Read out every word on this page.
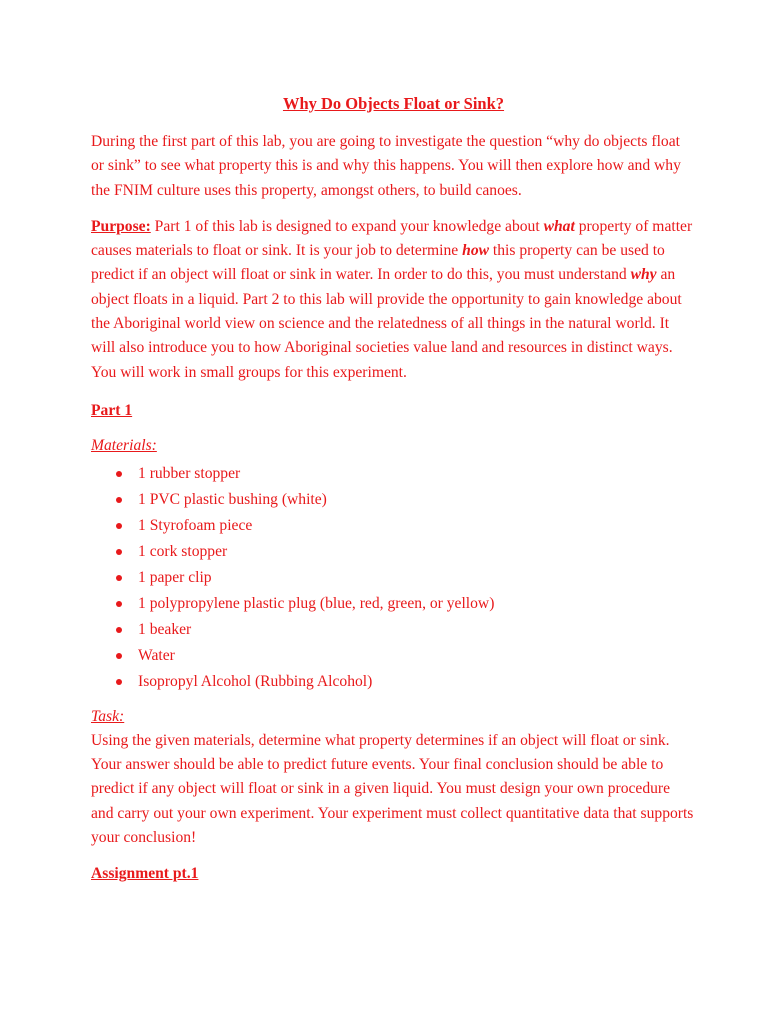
Why Do Objects Float or Sink?

During the first part of this lab, you are going to investigate the question “why do objects float or sink” to see what property this is and why this happens. You will then explore how and why the FNIM culture uses this property, amongst others, to build canoes.

Purpose: Part 1 of this lab is designed to expand your knowledge about what property of matter causes materials to float or sink. It is your job to determine how this property can be used to predict if an object will float or sink in water. In order to do this, you must understand why an object floats in a liquid. Part 2 to this lab will provide the opportunity to gain knowledge about the Aboriginal world view on science and the relatedness of all things in the natural world. It will also introduce you to how Aboriginal societies value land and resources in distinct ways. You will work in small groups for this experiment.

Part 1
Materials:
1 rubber stopper
1 PVC plastic bushing (white)
1 Styrofoam piece
1 cork stopper
1 paper clip
1 polypropylene plastic plug (blue, red, green, or yellow)
1 beaker
Water
Isopropyl Alcohol (Rubbing Alcohol)
Task:

Using the given materials, determine what property determines if an object will float or sink. Your answer should be able to predict future events. Your final conclusion should be able to predict if any object will float or sink in a given liquid. You must design your own procedure and carry out your own experiment. Your experiment must collect quantitative data that supports your conclusion!

Assignment pt.1
